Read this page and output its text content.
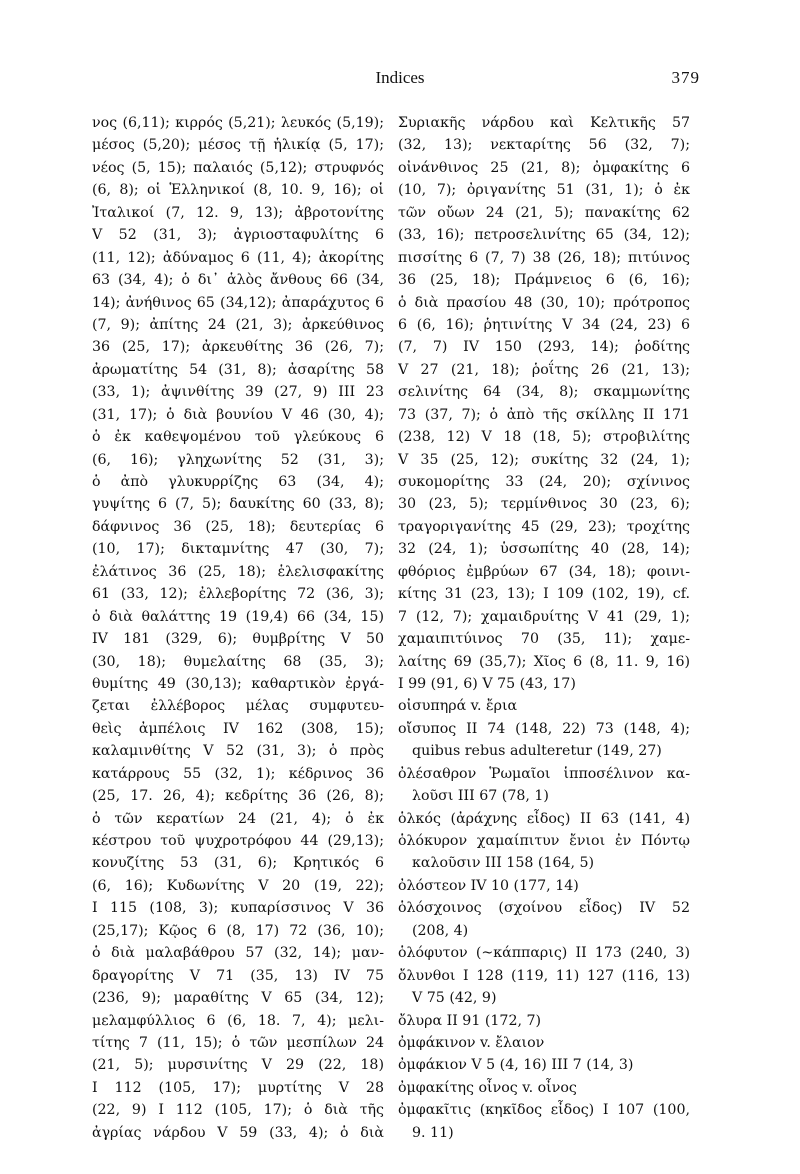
Indices	379
νος (6,11); κιρρός (5,21); λευκός (5,19);
μέσος (5,20); μέσος τῇ ἡλικίᾳ (5, 17);
νέος (5, 15); παλαιός (5,12); στρυφνός
(6, 8); οἱ Ἑλληνικοί (8, 10. 9, 16); οἱ
Ἰταλικοί (7, 12. 9, 13); ἀβροτονίτης
V 52 (31, 3); ἀγριοσταφυλίτης 6
(11, 12); ἀδύναμος 6 (11, 4); ἀκορίτης
63 (34, 4); ὁ δι᾽ ἁλὸς ἄνθους 66 (34,
14); ἀνήθινος 65 (34,12); ἀπαράχυτος 6
(7, 9); ἀπίτης 24 (21, 3); ἀρκεύθινος
36 (25, 17); ἀρκευθίτης 36 (26, 7);
ἀρωματίτης 54 (31, 8); ἀσαρίτης 58
(33, 1); ἀψινθίτης 39 (27, 9) III 23
(31, 17); ὁ διὰ βουνίου V 46 (30, 4);
ὁ ἐκ καθεψομένου τοῦ γλεύκους 6
(6, 16); γληχωνίτης 52 (31, 3);
ὁ ἀπὸ γλυκυρρίζης 63 (34, 4);
γυψίτης 6 (7, 5); δαυκίτης 60 (33, 8);
δάφνινος 36 (25, 18); δευτερίας 6
(10, 17); δικταμνίτης 47 (30, 7);
ἐλάτινος 36 (25, 18); ἑλελισφακίτης
61 (33, 12); ἐλλεβορίτης 72 (36, 3);
ὁ διὰ θαλάττης 19 (19,4) 66 (34, 15)
IV 181 (329, 6); θυμβρίτης V 50
(30, 18); θυμελαίτης 68 (35, 3);
θυμίτης 49 (30,13); καθαρτικὸν ἐργά-
ζεται ἐλλέβορος μέλας συμφυτευ-
θεὶς ἀμπέλοις IV 162 (308, 15);
καλαμινθίτης V 52 (31, 3); ὁ πρὸς
κατάρρους 55 (32, 1); κέδρινος 36
(25, 17. 26, 4); κεδρίτης 36 (26, 8);
ὁ τῶν κερατίων 24 (21, 4); ὁ ἐκ
κέστρου τοῦ ψυχροτρόφου 44 (29,13);
κονυζίτης 53 (31, 6); Κρητικός 6
(6, 16); Κυδωνίτης V 20 (19, 22);
I 115 (108, 3); κυπαρίσσινος V 36
(25,17); Κῷος 6 (8, 17) 72 (36, 10);
ὁ διὰ μαλαβάθρου 57 (32, 14); μαν-
δραγορίτης V 71 (35, 13) IV 75
(236, 9); μαραθίτης V 65 (34, 12);
μελαμφύλλιος 6 (6, 18. 7, 4); μελι-
τίτης 7 (11, 15); ὁ τῶν μεσπίλων 24
(21, 5); μυρσινίτης V 29 (22, 18)
I 112 (105, 17); μυρτίτης V 28
(22, 9) I 112 (105, 17); ὁ διὰ τῆς
ἀγρίας νάρδου V 59 (33, 4); ὁ διὰ
Συριακῆς νάρδου καὶ Κελτικῆς 57
(32, 13); νεκταρίτης 56 (32, 7);
οἰνάνθινος 25 (21, 8); ὀμφακίτης 6
(10, 7); ὀριγανίτης 51 (31, 1); ὁ ἐκ
τῶν οὔων 24 (21, 5); πανακίτης 62
(33, 16); πετροσελινίτης 65 (34, 12);
πισσίτης 6 (7, 7) 38 (26, 18); πιτύινος
36 (25, 18); Πράμνειος 6 (6, 16);
ὁ διὰ πρασίου 48 (30, 10); πρότροπος
6 (6, 16); ῥητινίτης V 34 (24, 23) 6
(7, 7) IV 150 (293, 14); ῥοδίτης
V 27 (21, 18); ῥοΐτης 26 (21, 13);
σελινίτης 64 (34, 8); σκαμμωνίτης
73 (37, 7); ὁ ἀπὸ τῆς σκίλλης II 171
(238, 12) V 18 (18, 5); στροβιλίτης
V 35 (25, 12); συκίτης 32 (24, 1);
συκομορίτης 33 (24, 20); σχίνινος
30 (23, 5); τερμίνθινος 30 (23, 6);
τραγοριγανίτης 45 (29, 23); τροχίτης
32 (24, 1); ὑσσωπίτης 40 (28, 14);
φθόριος ἐμβρύων 67 (34, 18); φοινι-
κίτης 31 (23, 13); I 109 (102, 19), cf.
7 (12, 7); χαμαιδρυίτης V 41 (29, 1);
χαμαιπιτύινος 70 (35, 11); χαμε-
λαίτης 69 (35,7); Χῖος 6 (8, 11. 9, 16)
I 99 (91, 6) V 75 (43, 17)
οἰσυπηρά v. ἔρια
οἴσυπος II 74 (148, 22) 73 (148, 4);
quibus rebus adulteretur (149, 27)
ὀλέσαθρον Ῥωμαῖοι ἱπποσέλινον κα-
λοῦσι III 67 (78, 1)
ὁλκός (ἀράχνης εἶδος) II 63 (141, 4)
ὁλόκυρον χαμαίπιτυν ἔνιοι ἐν Πόντῳ
καλοῦσιν III 158 (164, 5)
ὀλόστεον IV 10 (177, 14)
ὁλόσχοινος (σχοίνου εἶδος) IV 52
(208, 4)
ὁλόφυτον (~κάππαρις) II 173 (240, 3)
ὄλυνθοι I 128 (119, 11) 127 (116, 13)
V 75 (42, 9)
ὄλυρα II 91 (172, 7)
ὀμφάκινον v. ἔλαιον
ὀμφάκιον V 5 (4, 16) III 7 (14, 3)
ὀμφακίτης οἶνος v. οἶνος
ὀμφακῖτις (κηκῖδος εἶδος) I 107 (100,
9. 11)
